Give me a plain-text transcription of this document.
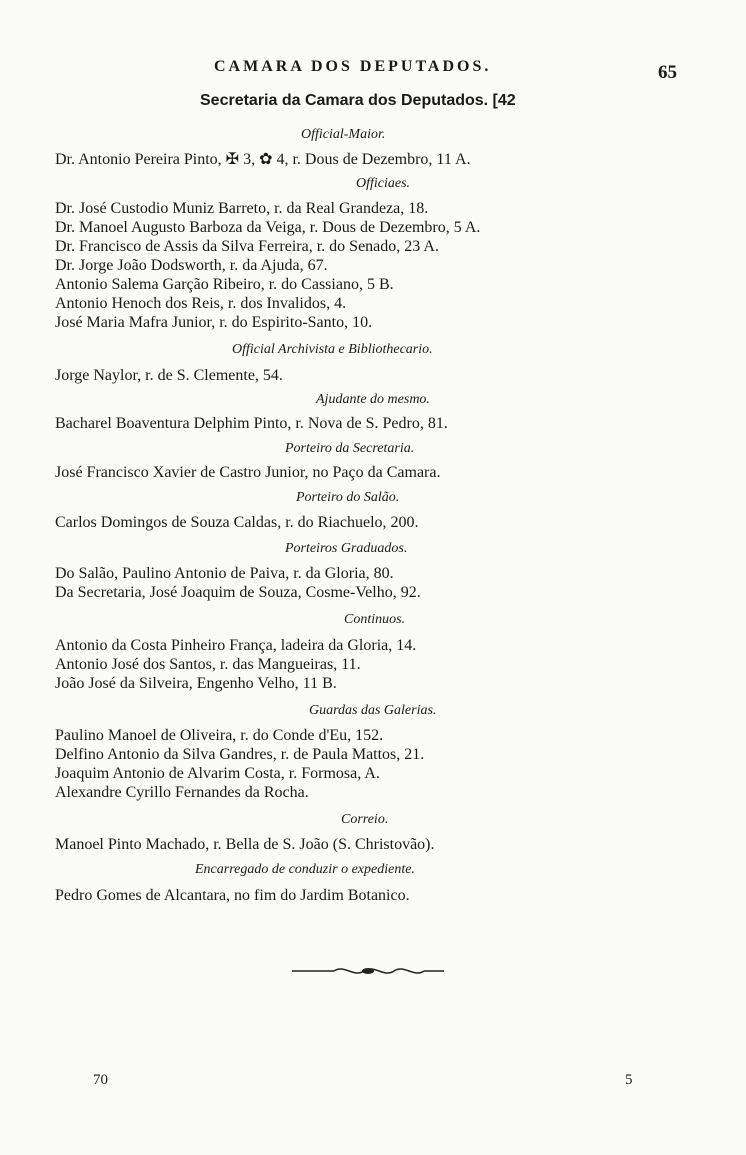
CAMARA DOS DEPUTADOS.	65
Secretaria da Camara dos Deputados. [42
Official-Maior.
Dr. Antonio Pereira Pinto, ✠ 3, ✿ 4, r. Dous de Dezembro, 11 A.
Officiaes.
Dr. José Custodio Muniz Barreto, r. da Real Grandeza, 18.
Dr. Manoel Augusto Barboza da Veiga, r. Dous de Dezembro, 5 A.
Dr. Francisco de Assis da Silva Ferreira, r. do Senado, 23 A.
Dr. Jorge João Dodsworth, r. da Ajuda, 67.
Antonio Salema Garção Ribeiro, r. do Cassiano, 5 B.
Antonio Henoch dos Reis, r. dos Invalidos, 4.
José Maria Mafra Junior, r. do Espirito-Santo, 10.
Official Archivista e Bibliothecario.
Jorge Naylor, r. de S. Clemente, 54.
Ajudante do mesmo.
Bacharel Boaventura Delphim Pinto, r. Nova de S. Pedro, 81.
Porteiro da Secretaria.
José Francisco Xavier de Castro Junior, no Paço da Camara.
Porteiro do Salão.
Carlos Domingos de Souza Caldas, r. do Riachuelo, 200.
Porteiros Graduados.
Do Salão, Paulino Antonio de Paiva, r. da Gloria, 80.
Da Secretaria, José Joaquim de Souza, Cosme-Velho, 92.
Continuos.
Antonio da Costa Pinheiro França, ladeira da Gloria, 14.
Antonio José dos Santos, r. das Mangueiras, 11.
João José da Silveira, Engenho Velho, 11 B.
Guardas das Galerias.
Paulino Manoel de Oliveira, r. do Conde d'Eu, 152.
Delfino Antonio da Silva Gandres, r. de Paula Mattos, 21.
Joaquim Antonio de Alvarim Costa, r. Formosa, A.
Alexandre Cyrillo Fernandes da Rocha.
Correio.
Manoel Pinto Machado, r. Bella de S. João (S. Christovão).
Encarregado de conduzir o expediente.
Pedro Gomes de Alcantara, no fim do Jardim Botanico.
70	5
